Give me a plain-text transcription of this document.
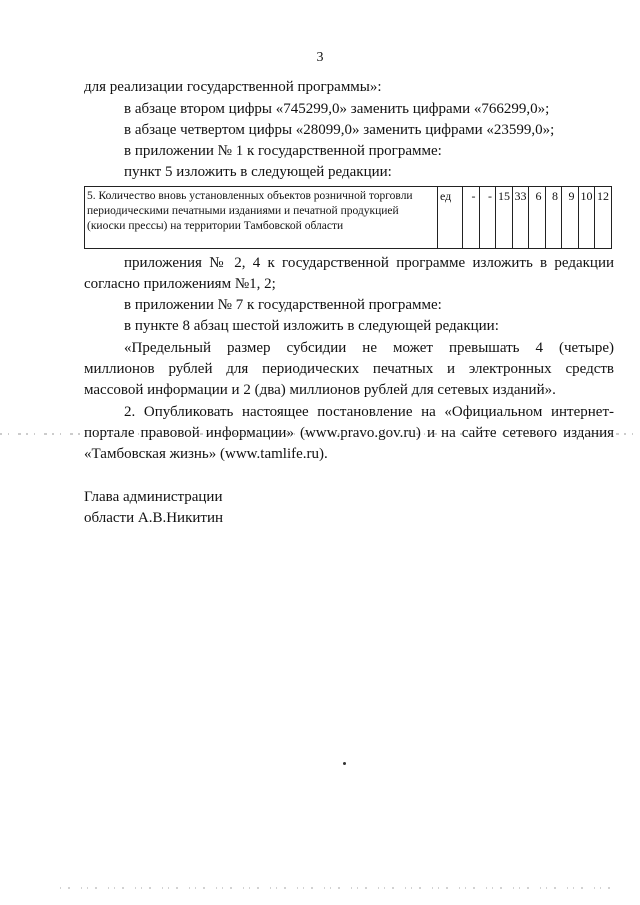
3
для реализации государственной программы»:
в абзаце втором цифры «745299,0» заменить цифрами «766299,0»;
в абзаце четвертом цифры «28099,0» заменить цифрами «23599,0»;
в приложении № 1 к государственной программе:
пункт 5 изложить в следующей редакции:
5. Количество вновь установленных объектов розничной торговли периодическими печатными изданиями и печатной продукцией (киоски прессы) на территории Тамбовской области	ед	-	-	15	33	6	8	9	10	12
приложения № 2, 4 к государственной программе изложить в редакции
согласно приложениям №1, 2;
в приложении № 7 к государственной программе:
в пункте 8 абзац шестой изложить в следующей редакции:
«Предельный размер субсидии не может превышать 4 (четыре)
миллионов рублей для периодических печатных и электронных средств
массовой информации и 2 (два) миллионов рублей для сетевых изданий».
2. Опубликовать настоящее постановление на «Официальном интернет-
портале правовой информации» (www.pravo.gov.ru) и на сайте сетевого издания
«Тамбовская жизнь» (www.tamlife.ru).
Глава администрации
области А.В.Никитин
